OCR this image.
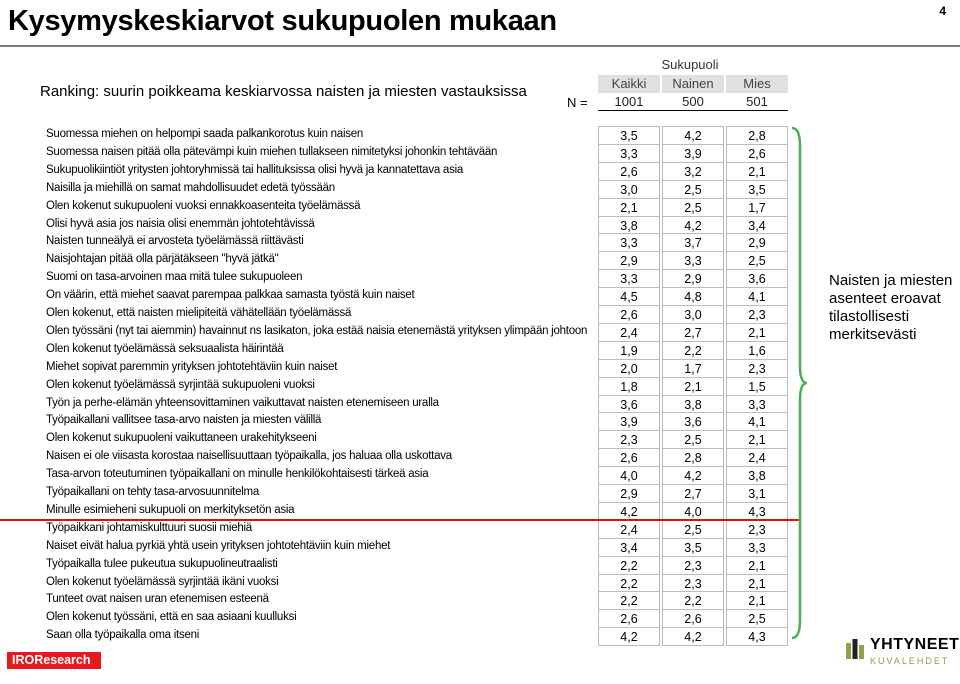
Kysymyskeskiarvot sukupuolen mukaan	4
Ranking: suurin poikkeama keskiarvossa naisten ja miesten vastauksissa
Sukupuoli
Kaikki	Nainen	Mies
N =	1001	500	501
Suomessa miehen on helpompi saada palkankorotus kuin naisen	3,5	4,2	2,8
Suomessa naisen pitää olla pätevämpi kuin miehen tullakseen nimitetyksi johonkin tehtävään	3,3	3,9	2,6
Sukupuolikiintiöt yritysten johtoryhmissä tai hallituksissa olisi hyvä ja kannatettava asia	2,6	3,2	2,1
Naisilla ja miehillä on samat mahdollisuudet edetä työssään	3,0	2,5	3,5
Olen kokenut sukupuoleni vuoksi ennakkoasenteita työelämässä	2,1	2,5	1,7
Olisi hyvä asia jos naisia olisi enemmän johtotehtävissä	3,8	4,2	3,4
Naisten tunneälyä ei arvosteta työelämässä riittävästi	3,3	3,7	2,9
Naisjohtajan pitää olla pärjätäkseen "hyvä jätkä"	2,9	3,3	2,5
Suomi on tasa-arvoinen maa mitä tulee sukupuoleen	3,3	2,9	3,6
On väärin, että miehet saavat parempaa palkkaa samasta työstä kuin naiset	4,5	4,8	4,1
Olen kokenut, että naisten mielipiteitä vähätellään työelämässä	2,6	3,0	2,3
Olen työssäni (nyt tai aiemmin) havainnut ns lasikaton, joka estää naisia etenemästä yrityksen ylimpään johtoon	2,4	2,7	2,1
Olen kokenut työelämässä seksuaalista häirintää	1,9	2,2	1,6
Miehet sopivat paremmin yrityksen johtotehtäviin kuin naiset	2,0	1,7	2,3
Olen kokenut työelämässä syrjintää sukupuoleni vuoksi	1,8	2,1	1,5
Työn ja perhe-elämän yhteensovittaminen vaikuttavat naisten etenemiseen uralla	3,6	3,8	3,3
Työpaikallani vallitsee tasa-arvo naisten ja miesten välillä	3,9	3,6	4,1
Olen kokenut sukupuoleni vaikuttaneen urakehitykseeni	2,3	2,5	2,1
Naisen ei ole viisasta korostaa naisellisuuttaan työpaikalla, jos haluaa olla uskottava	2,6	2,8	2,4
Tasa-arvon toteutuminen työpaikallani on minulle henkilökohtaisesti tärkeä asia	4,0	4,2	3,8
Työpaikallani on tehty tasa-arvosuunnitelma	2,9	2,7	3,1
Minulle esimieheni sukupuoli on merkityksetön asia	4,2	4,0	4,3
Työpaikkani johtamiskulttuuri suosii miehiä	2,4	2,5	2,3
Naiset eivät halua pyrkiä yhtä usein yrityksen johtotehtäviin kuin miehet	3,4	3,5	3,3
Työpaikalla tulee pukeutua sukupuolineutraalisti	2,2	2,3	2,1
Olen kokenut työelämässä syrjintää ikäni vuoksi	2,2	2,3	2,1
Tunteet ovat naisen uran etenemisen esteenä	2,2	2,2	2,1
Olen kokenut työssäni, että en saa asiaani kuulluksi	2,6	2,6	2,5
Saan olla työpaikalla oma itseni	4,2	4,2	4,3
Naisten ja miesten asenteet eroavat tilastollisesti merkitsevästi
IROResearch
YHTYNEET
KUVALEHDET
